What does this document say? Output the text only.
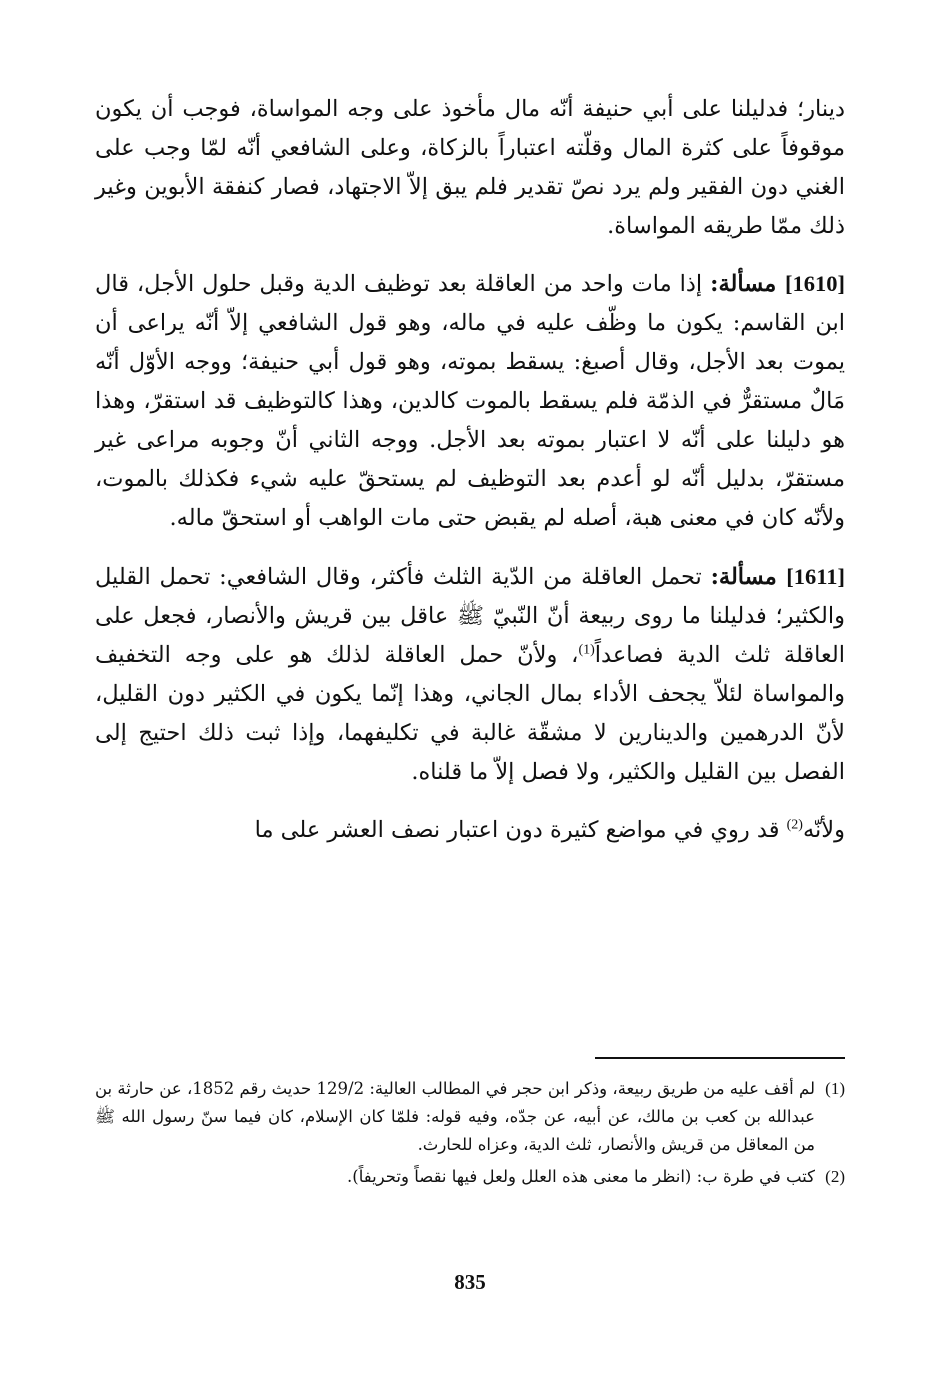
دينار؛ فدليلنا على أبي حنيفة أنّه مال مأخوذ على وجه المواساة، فوجب أن يكون موقوفاً على كثرة المال وقلّته اعتباراً بالزكاة، وعلى الشافعي أنّه لمّا وجب على الغني دون الفقير ولم يرد نصّ تقدير فلم يبق إلاّ الاجتهاد، فصار كنفقة الأبوين وغير ذلك ممّا طريقه المواساة.

[1610] مسألة: إذا مات واحد من العاقلة بعد توظيف الدية وقبل حلول الأجل، قال ابن القاسم: يكون ما وظّف عليه في ماله، وهو قول الشافعي إلاّ أنّه يراعى أن يموت بعد الأجل، وقال أصبغ: يسقط بموته، وهو قول أبي حنيفة؛ ووجه الأوّل أنّه مَالٌ مستقرٌّ في الذمّة فلم يسقط بالموت كالدين، وهذا كالتوظيف قد استقرّ، وهذا هو دليلنا على أنّه لا اعتبار بموته بعد الأجل. ووجه الثاني أنّ وجوبه مراعى غير مستقرّ، بدليل أنّه لو أعدم بعد التوظيف لم يستحقّ عليه شيء فكذلك بالموت، ولأنّه كان في معنى هبة، أصله لم يقبض حتى مات الواهب أو استحقّ ماله.

[1611] مسألة: تحمل العاقلة من الدّية الثلث فأكثر، وقال الشافعي: تحمل القليل والكثير؛ فدليلنا ما روى ربيعة أنّ النّبيّ ﷺ عاقل بين قريش والأنصار، فجعل على العاقلة ثلث الدية فصاعداً$^{(1)}$، ولأنّ حمل العاقلة لذلك هو على وجه التخفيف والمواساة لئلاّ يجحف الأداء بمال الجاني، وهذا إنّما يكون في الكثير دون القليل، لأنّ الدرهمين والدينارين لا مشقّة غالبة في تكليفهما، وإذا ثبت ذلك احتيج إلى الفصل بين القليل والكثير، ولا فصل إلاّ ما قلناه.

ولأنّه$^{(2)}$ قد روي في مواضع كثيرة دون اعتبار نصف العشر على ما

(1)
لم أقف عليه من طريق ربيعة، وذكر ابن حجر في المطالب العالية: 129/2 حديث رقم 1852، عن حارثة بن عبدالله بن كعب بن مالك، عن أبيه، عن جدّه، وفيه قوله: فلمّا كان الإسلام، كان فيما سنّ رسول الله ﷺ من المعاقل من قريش والأنصار، ثلث الدية، وعزاه للحارث.
(2)
كتب في طرة ب: (انظر ما معنى هذه العلل ولعل فيها نقصاً وتحريفاً).
835
